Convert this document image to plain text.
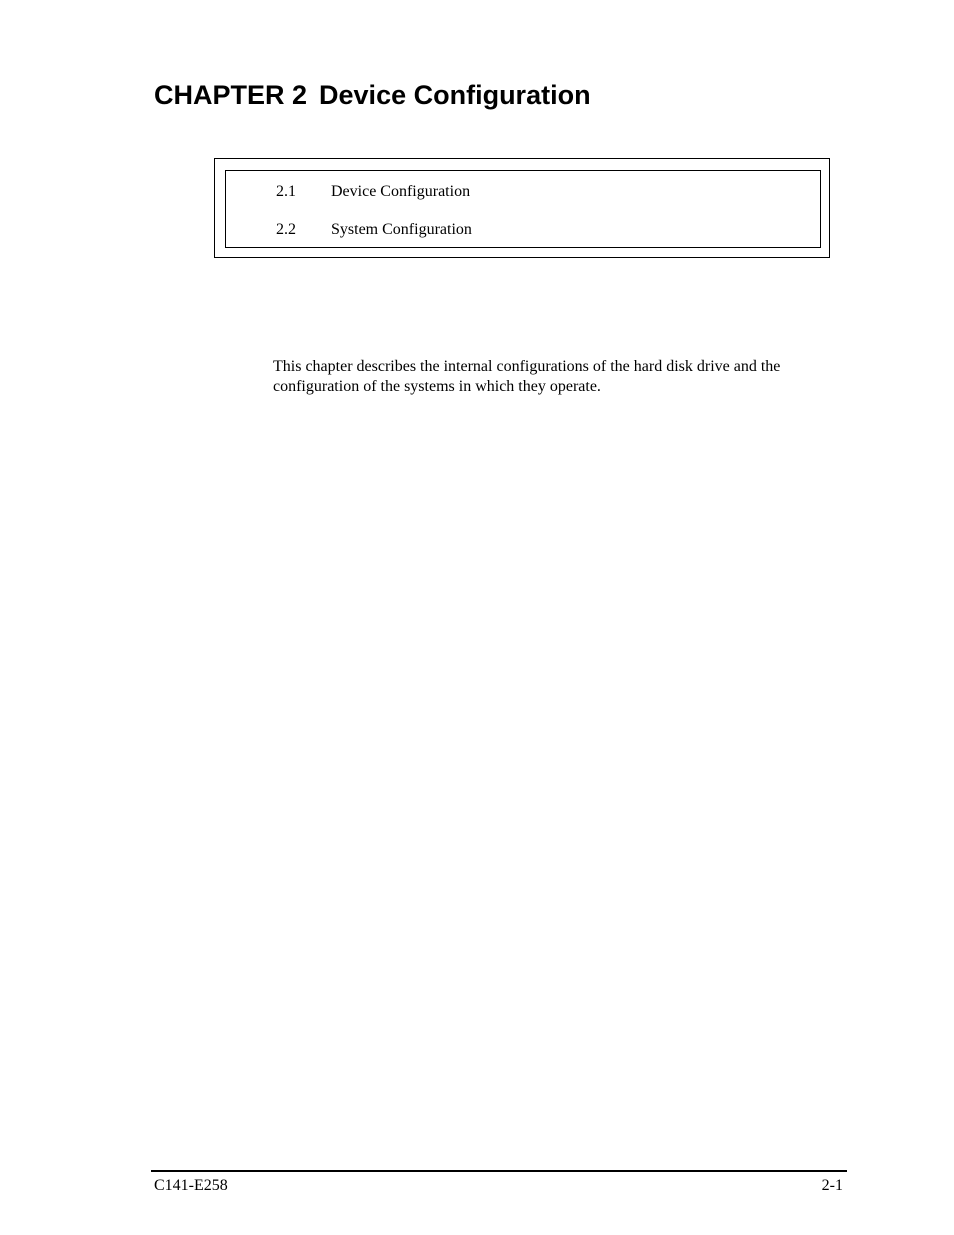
CHAPTER 2 Device Configuration
2.1 Device Configuration
2.2 System Configuration

This chapter describes the internal configurations of the hard disk drive and the configuration of the systems in which they operate.

C141-E258	2-1
